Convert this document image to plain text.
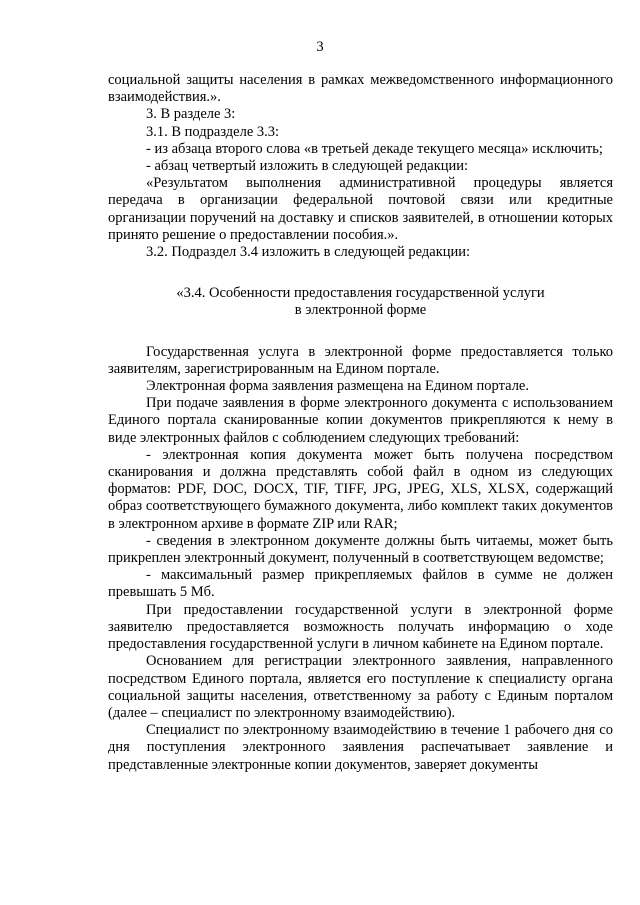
3

социальной защиты населения в рамках межведомственного информационного взаимодействия.».

3. В разделе 3:

3.1. В подразделе 3.3:

- из абзаца второго слова «в третьей декаде текущего месяца» исключить;

- абзац четвертый изложить в следующей редакции:

«Результатом выполнения административной процедуры является передача в организации федеральной почтовой связи или кредитные организации поручений на доставку и списков заявителей, в отношении которых принято решение о предоставлении пособия.».

3.2. Подраздел 3.4 изложить в следующей редакции:

«3.4. Особенности предоставления государственной услуги
в электронной форме

Государственная услуга в электронной форме предоставляется только заявителям, зарегистрированным на Едином портале.

Электронная форма заявления размещена на Едином портале.

При подаче заявления в форме электронного документа с использованием Единого портала сканированные копии документов прикрепляются к нему в виде электронных файлов с соблюдением следующих требований:

- электронная копия документа может быть получена посредством сканирования и должна представлять собой файл в одном из следующих форматов: PDF, DOC, DOCX, TIF, TIFF, JPG, JPEG, XLS, XLSX, содержащий образ соответствующего бумажного документа, либо комплект таких документов в электронном архиве в формате ZIP или RAR;

- сведения в электронном документе должны быть читаемы, может быть прикреплен электронный документ, полученный в соответствующем ведомстве;

- максимальный размер прикрепляемых файлов в сумме не должен превышать 5 Мб.

При предоставлении государственной услуги в электронной форме заявителю предоставляется возможность получать информацию о ходе предоставления государственной услуги в личном кабинете на Едином портале.

Основанием для регистрации электронного заявления, направленного посредством Единого портала, является его поступление к специалисту органа социальной защиты населения, ответственному за работу с Единым порталом (далее – специалист по электронному взаимодействию).

Специалист по электронному взаимодействию в течение 1 рабочего дня со дня поступления электронного заявления распечатывает заявление и представленные электронные копии документов, заверяет документы
